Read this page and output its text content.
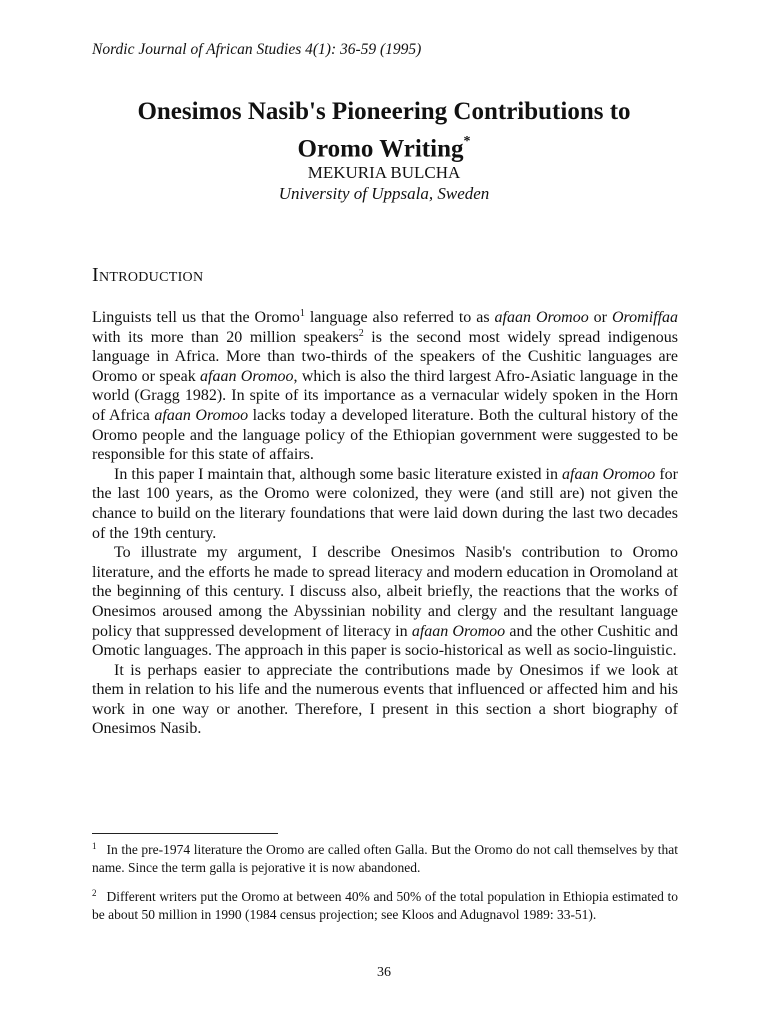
Nordic Journal of African Studies 4(1): 36-59 (1995)
Onesimos Nasib's Pioneering Contributions to
Oromo Writing*
MEKURIA BULCHA
University of Uppsala, Sweden
Introduction

Linguists tell us that the Oromo$^1$ language also referred to as afaan Oromoo or Oromiffaa with its more than 20 million speakers$^2$ is the second most widely spread indigenous language in Africa. More than two-thirds of the speakers of the Cushitic languages are Oromo or speak afaan Oromoo, which is also the third largest Afro-Asiatic language in the world (Gragg 1982). In spite of its importance as a vernacular widely spoken in the Horn of Africa afaan Oromoo lacks today a developed literature. Both the cultural history of the Oromo people and the language policy of the Ethiopian government were suggested to be responsible for this state of affairs.

In this paper I maintain that, although some basic literature existed in afaan Oromoo for the last 100 years, as the Oromo were colonized, they were (and still are) not given the chance to build on the literary foundations that were laid down during the last two decades of the 19th century.

To illustrate my argument, I describe Onesimos Nasib's contribution to Oromo literature, and the efforts he made to spread literacy and modern education in Oromoland at the beginning of this century. I discuss also, albeit briefly, the reactions that the works of Onesimos aroused among the Abyssinian nobility and clergy and the resultant language policy that suppressed development of literacy in afaan Oromoo and the other Cushitic and Omotic languages. The approach in this paper is socio-historical as well as socio-linguistic.

It is perhaps easier to appreciate the contributions made by Onesimos if we look at them in relation to his life and the numerous events that influenced or affected him and his work in one way or another. Therefore, I present in this section a short biography of Onesimos Nasib.

$^1$ In the pre-1974 literature the Oromo are called often Galla. But the Oromo do not call themselves by that name. Since the term galla is pejorative it is now abandoned.

$^2$ Different writers put the Oromo at between 40% and 50% of the total population in Ethiopia estimated to be about 50 million in 1990 (1984 census projection; see Kloos and Adugnavol 1989: 33-51).

36
